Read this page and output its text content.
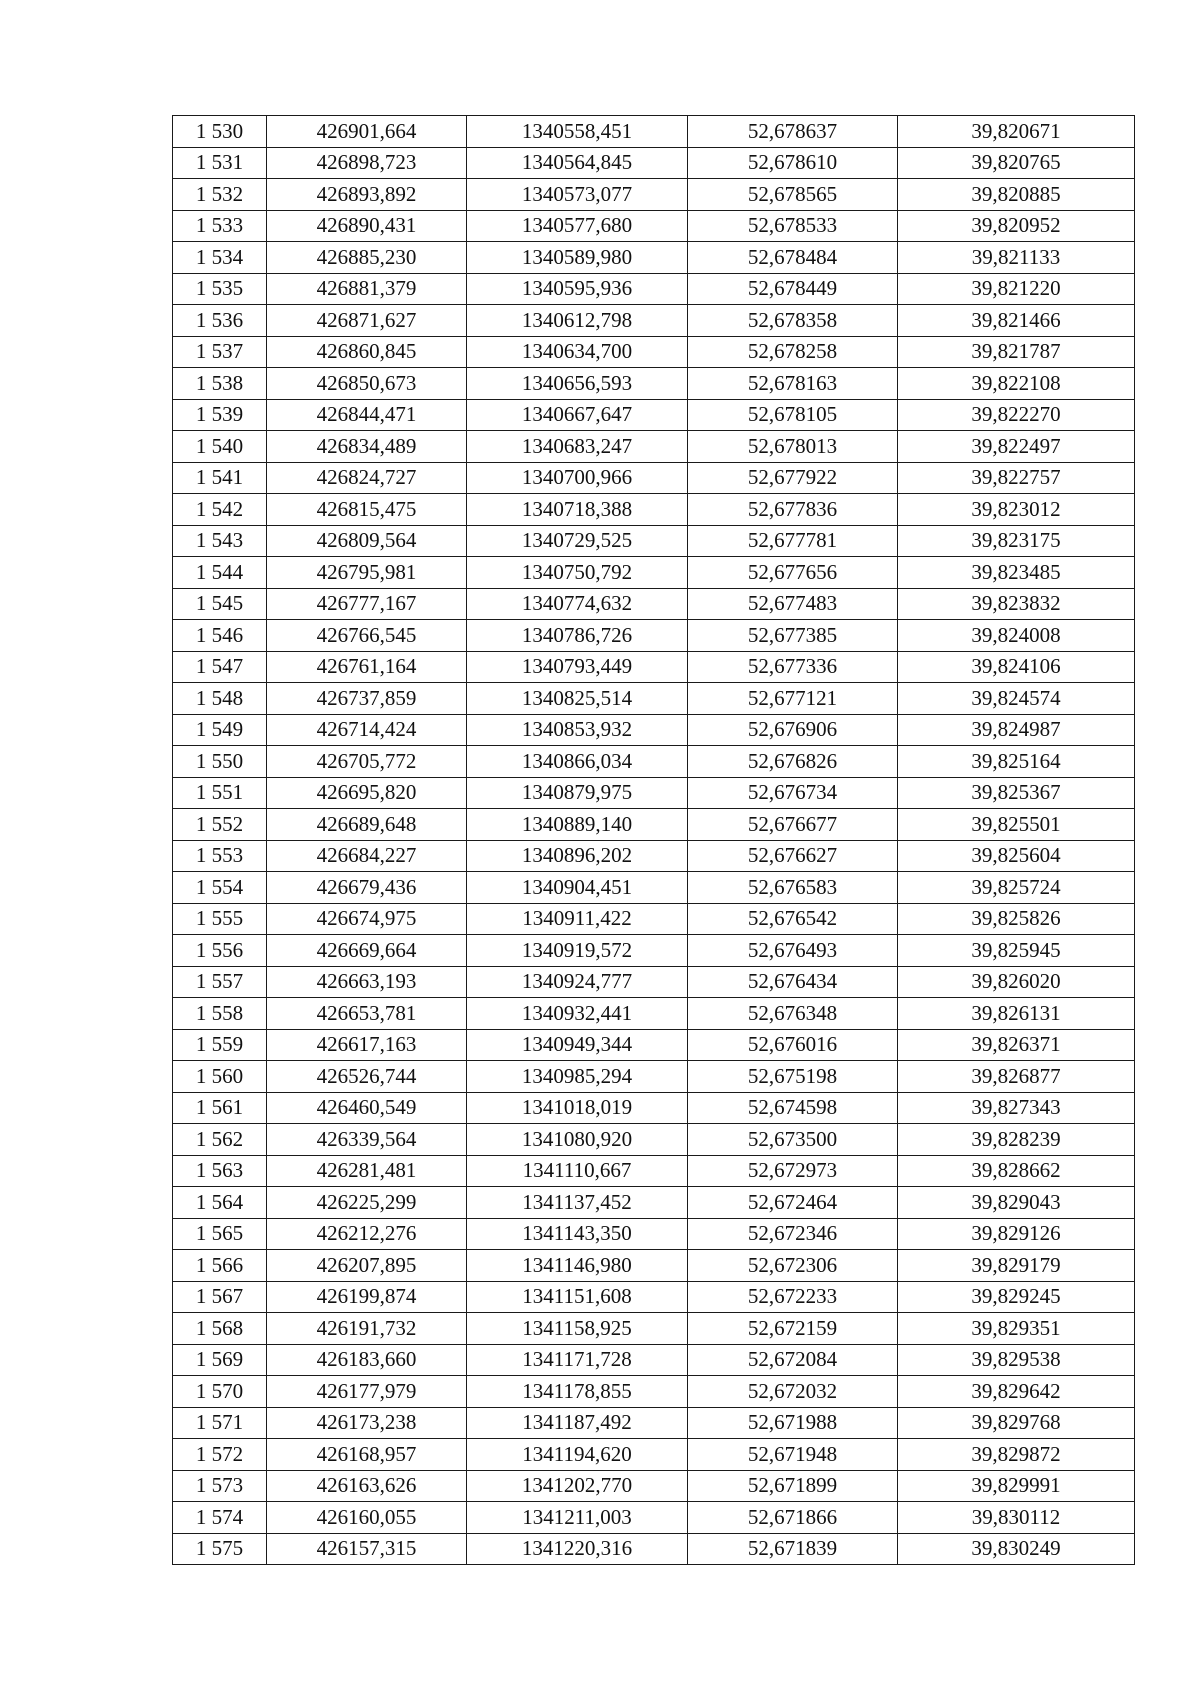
1 530	426901,664	1340558,451	52,678637	39,820671
1 531	426898,723	1340564,845	52,678610	39,820765
1 532	426893,892	1340573,077	52,678565	39,820885
1 533	426890,431	1340577,680	52,678533	39,820952
1 534	426885,230	1340589,980	52,678484	39,821133
1 535	426881,379	1340595,936	52,678449	39,821220
1 536	426871,627	1340612,798	52,678358	39,821466
1 537	426860,845	1340634,700	52,678258	39,821787
1 538	426850,673	1340656,593	52,678163	39,822108
1 539	426844,471	1340667,647	52,678105	39,822270
1 540	426834,489	1340683,247	52,678013	39,822497
1 541	426824,727	1340700,966	52,677922	39,822757
1 542	426815,475	1340718,388	52,677836	39,823012
1 543	426809,564	1340729,525	52,677781	39,823175
1 544	426795,981	1340750,792	52,677656	39,823485
1 545	426777,167	1340774,632	52,677483	39,823832
1 546	426766,545	1340786,726	52,677385	39,824008
1 547	426761,164	1340793,449	52,677336	39,824106
1 548	426737,859	1340825,514	52,677121	39,824574
1 549	426714,424	1340853,932	52,676906	39,824987
1 550	426705,772	1340866,034	52,676826	39,825164
1 551	426695,820	1340879,975	52,676734	39,825367
1 552	426689,648	1340889,140	52,676677	39,825501
1 553	426684,227	1340896,202	52,676627	39,825604
1 554	426679,436	1340904,451	52,676583	39,825724
1 555	426674,975	1340911,422	52,676542	39,825826
1 556	426669,664	1340919,572	52,676493	39,825945
1 557	426663,193	1340924,777	52,676434	39,826020
1 558	426653,781	1340932,441	52,676348	39,826131
1 559	426617,163	1340949,344	52,676016	39,826371
1 560	426526,744	1340985,294	52,675198	39,826877
1 561	426460,549	1341018,019	52,674598	39,827343
1 562	426339,564	1341080,920	52,673500	39,828239
1 563	426281,481	1341110,667	52,672973	39,828662
1 564	426225,299	1341137,452	52,672464	39,829043
1 565	426212,276	1341143,350	52,672346	39,829126
1 566	426207,895	1341146,980	52,672306	39,829179
1 567	426199,874	1341151,608	52,672233	39,829245
1 568	426191,732	1341158,925	52,672159	39,829351
1 569	426183,660	1341171,728	52,672084	39,829538
1 570	426177,979	1341178,855	52,672032	39,829642
1 571	426173,238	1341187,492	52,671988	39,829768
1 572	426168,957	1341194,620	52,671948	39,829872
1 573	426163,626	1341202,770	52,671899	39,829991
1 574	426160,055	1341211,003	52,671866	39,830112
1 575	426157,315	1341220,316	52,671839	39,830249
